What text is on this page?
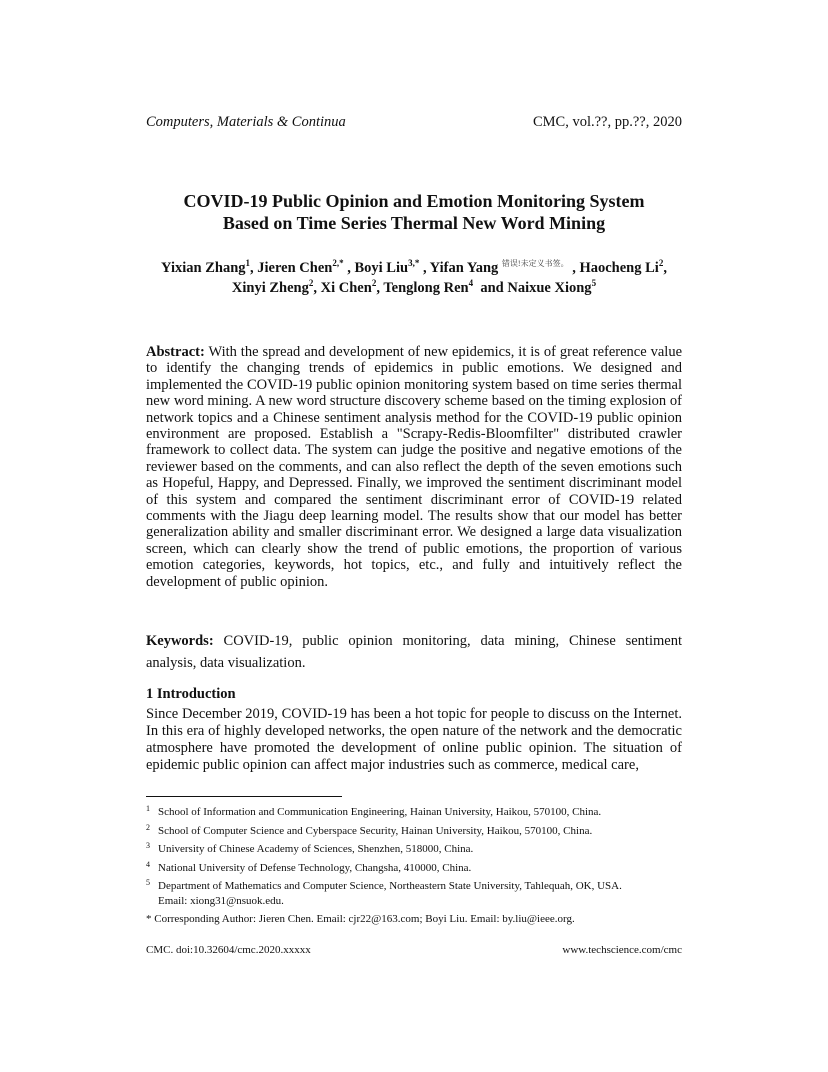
Computers, Materials & Continua	CMC, vol.??, pp.??, 2020
COVID-19 Public Opinion and Emotion Monitoring System
Based on Time Series Thermal New Word Mining
Yixian Zhang$^1$, Jieren Chen$^{2,*}$ , Boyi Liu$^{3,*}$ , Yifan Yang $^{错误!未定义书签。}$ , Haocheng Li$^2$,
Xinyi Zheng$^2$, Xi Chen$^2$, Tenglong Ren$^4$  and Naixue Xiong$^5$
Abstract: With the spread and development of new epidemics, it is of great reference value to identify the changing trends of epidemics in public emotions. We designed and implemented the COVID-19 public opinion monitoring system based on time series thermal new word mining. A new word structure discovery scheme based on the timing explosion of network topics and a Chinese sentiment analysis method for the COVID-19 public opinion environment are proposed. Establish a "Scrapy-Redis-Bloomfilter" distributed crawler framework to collect data. The system can judge the positive and negative emotions of the reviewer based on the comments, and can also reflect the depth of the seven emotions such as Hopeful, Happy, and Depressed. Finally, we improved the sentiment discriminant model of this system and compared the sentiment discriminant error of COVID-19 related comments with the Jiagu deep learning model. The results show that our model has better generalization ability and smaller discriminant error. We designed a large data visualization screen, which can clearly show the trend of public emotions, the proportion of various emotion categories, keywords, hot topics, etc., and fully and intuitively reflect the development of public opinion.
Keywords: COVID-19, public opinion monitoring, data mining, Chinese sentiment analysis, data visualization.
1 Introduction
Since December 2019, COVID-19 has been a hot topic for people to discuss on the Internet. In this era of highly developed networks, the open nature of the network and the democratic atmosphere have promoted the development of online public opinion. The situation of epidemic public opinion can affect major industries such as commerce, medical care,
1 School of Information and Communication Engineering, Hainan University, Haikou, 570100, China.
2 School of Computer Science and Cyberspace Security, Hainan University, Haikou, 570100, China.
3 University of Chinese Academy of Sciences, Shenzhen, 518000, China.
4 National University of Defense Technology, Changsha, 410000, China.
5 Department of Mathematics and Computer Science, Northeastern State University, Tahlequah, OK, USA.
Email: xiong31@nsuok.edu.
* Corresponding Author: Jieren Chen. Email: cjr22@163.com; Boyi Liu. Email: by.liu@ieee.org.
CMC. doi:10.32604/cmc.2020.xxxxx	www.techscience.com/cmc
